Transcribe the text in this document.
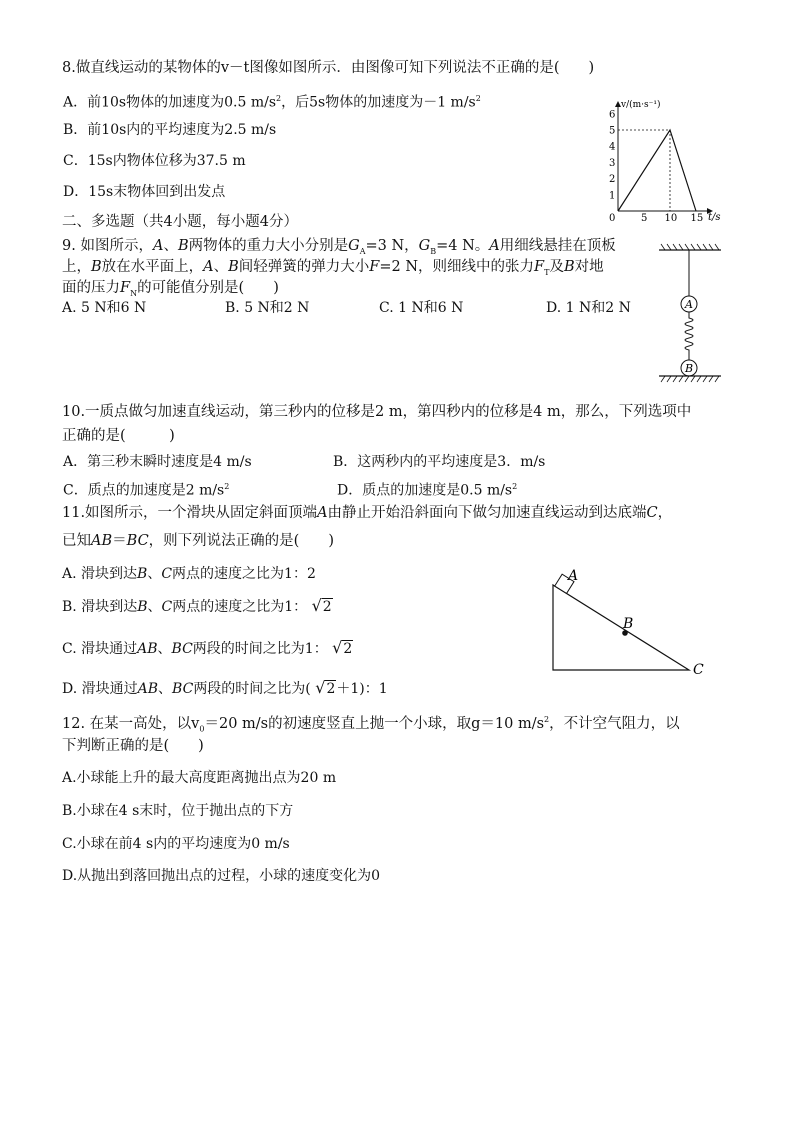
8.做直线运动的某物体的v－t图像如图所示．由图像可知下列说法不正确的是(　　)
A．前10s物体的加速度为0.5 $m/s^2$，后5s物体的加速度为－1 $m/s^2$
B．前10s内的平均速度为2.5 m/s
C．15s内物体位移为37.5 m
D．15s末物体回到出发点
v/(m·s⁻¹)
t/s
1
2
3
4
5
6
0	5 10 15
二、多选题（共4小题，每小题4分）
9. 如图所示，A、B两物体的重力大小分别是$G_A=3$ N，$G_B=4$ N。A用细线悬挂在顶板
上，B放在水平面上，A、B间轻弹簧的弹力大小F=2 N，则细线中的张力$F_T$及B对地
面的压力$F_N$的可能值分别是(　　)
A. 5 N和6 N	B. 5 N和2 N	C. 1 N和6 N	D. 1 N和2 N	A
B
10.一质点做匀加速直线运动，第三秒内的位移是2 m，第四秒内的位移是4 m，那么，下列选项中
正确的是(　　　)
A．第三秒末瞬时速度是4 m/s	B．这两秒内的平均速度是3．m/s
C．质点的加速度是2 $m/s^2$	D．质点的加速度是0.5 $m/s^2$
11.如图所示，一个滑块从固定斜面顶端A由静止开始沿斜面向下做匀加速直线运动到达底端C，
已知AB＝BC，则下列说法正确的是(　　)
A. 滑块到达B、C两点的速度之比为1：2
B. 滑块到达B、C两点的速度之比为1： √2
C. 滑块通过AB、BC两段的时间之比为1： √2
D. 滑块通过AB、BC两段的时间之比为( √2＋1)：1
A
B
C
12. 在某一高处，以$v_0=20$ m/s的初速度竖直上抛一个小球，取g＝10 $m/s^2$，不计空气阻力，以
下判断正确的是(　　)
A.小球能上升的最大高度距离抛出点为20 m
B.小球在4 s末时，位于抛出点的下方
C.小球在前4 s内的平均速度为0 m/s
D.从抛出到落回抛出点的过程，小球的速度变化为0
